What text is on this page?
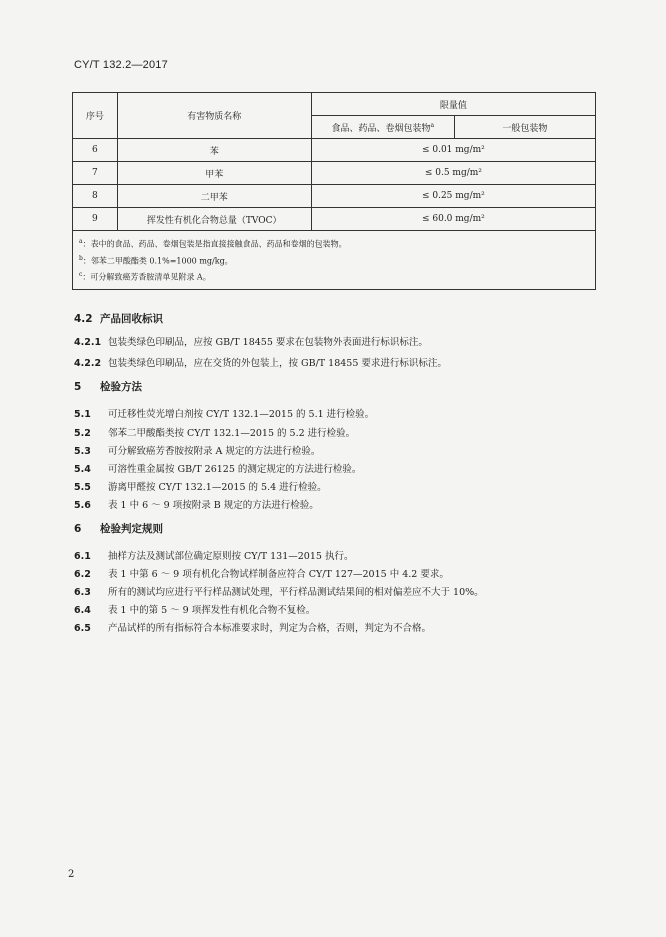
CY/T 132.2—2017
序号	有害物质名称	限量值	
		食品、药品、卷烟包装物$^a$	一般包装物
6	苯	≤ 0.01 mg/m²	
7	甲苯	≤ 0.5 mg/m²	
8	二甲苯	≤ 0.25 mg/m²	
9	挥发性有机化合物总量（TVOC）	≤ 60.0 mg/m²	

$^a$：表中的食品、药品、卷烟包装是指直接接触食品、药品和卷烟的包装物。
$^b$：邻苯二甲酸酯类 0.1%=1000 mg/kg。
$^c$：可分解致癌芳香胺清单见附录 A。			
4.2 产品回收标识
4.2.1 包装类绿色印刷品，应按 GB/T 18455 要求在包装物外表面进行标识标注。
4.2.2 包装类绿色印刷品，应在交货的外包装上，按 GB/T 18455 要求进行标识标注。
5 检验方法
5.1 可迁移性荧光增白剂按 CY/T 132.1—2015 的 5.1 进行检验。
5.2 邻苯二甲酸酯类按 CY/T 132.1—2015 的 5.2 进行检验。
5.3 可分解致癌芳香胺按附录 A 规定的方法进行检验。
5.4 可溶性重金属按 GB/T 26125 的测定规定的方法进行检验。
5.5 游离甲醛按 CY/T 132.1—2015 的 5.4 进行检验。
5.6 表 1 中 6 ～ 9 项按附录 B 规定的方法进行检验。
6 检验判定规则
6.1 抽样方法及测试部位确定原则按 CY/T 131—2015 执行。
6.2 表 1 中第 6 ～ 9 项有机化合物试样制备应符合 CY/T 127—2015 中 4.2 要求。
6.3 所有的测试均应进行平行样品测试处理，平行样品测试结果间的相对偏差应不大于 10%。
6.4 表 1 中的第 5 ～ 9 项挥发性有机化合物不复检。
6.5 产品试样的所有指标符合本标准要求时，判定为合格，否则，判定为不合格。
2
